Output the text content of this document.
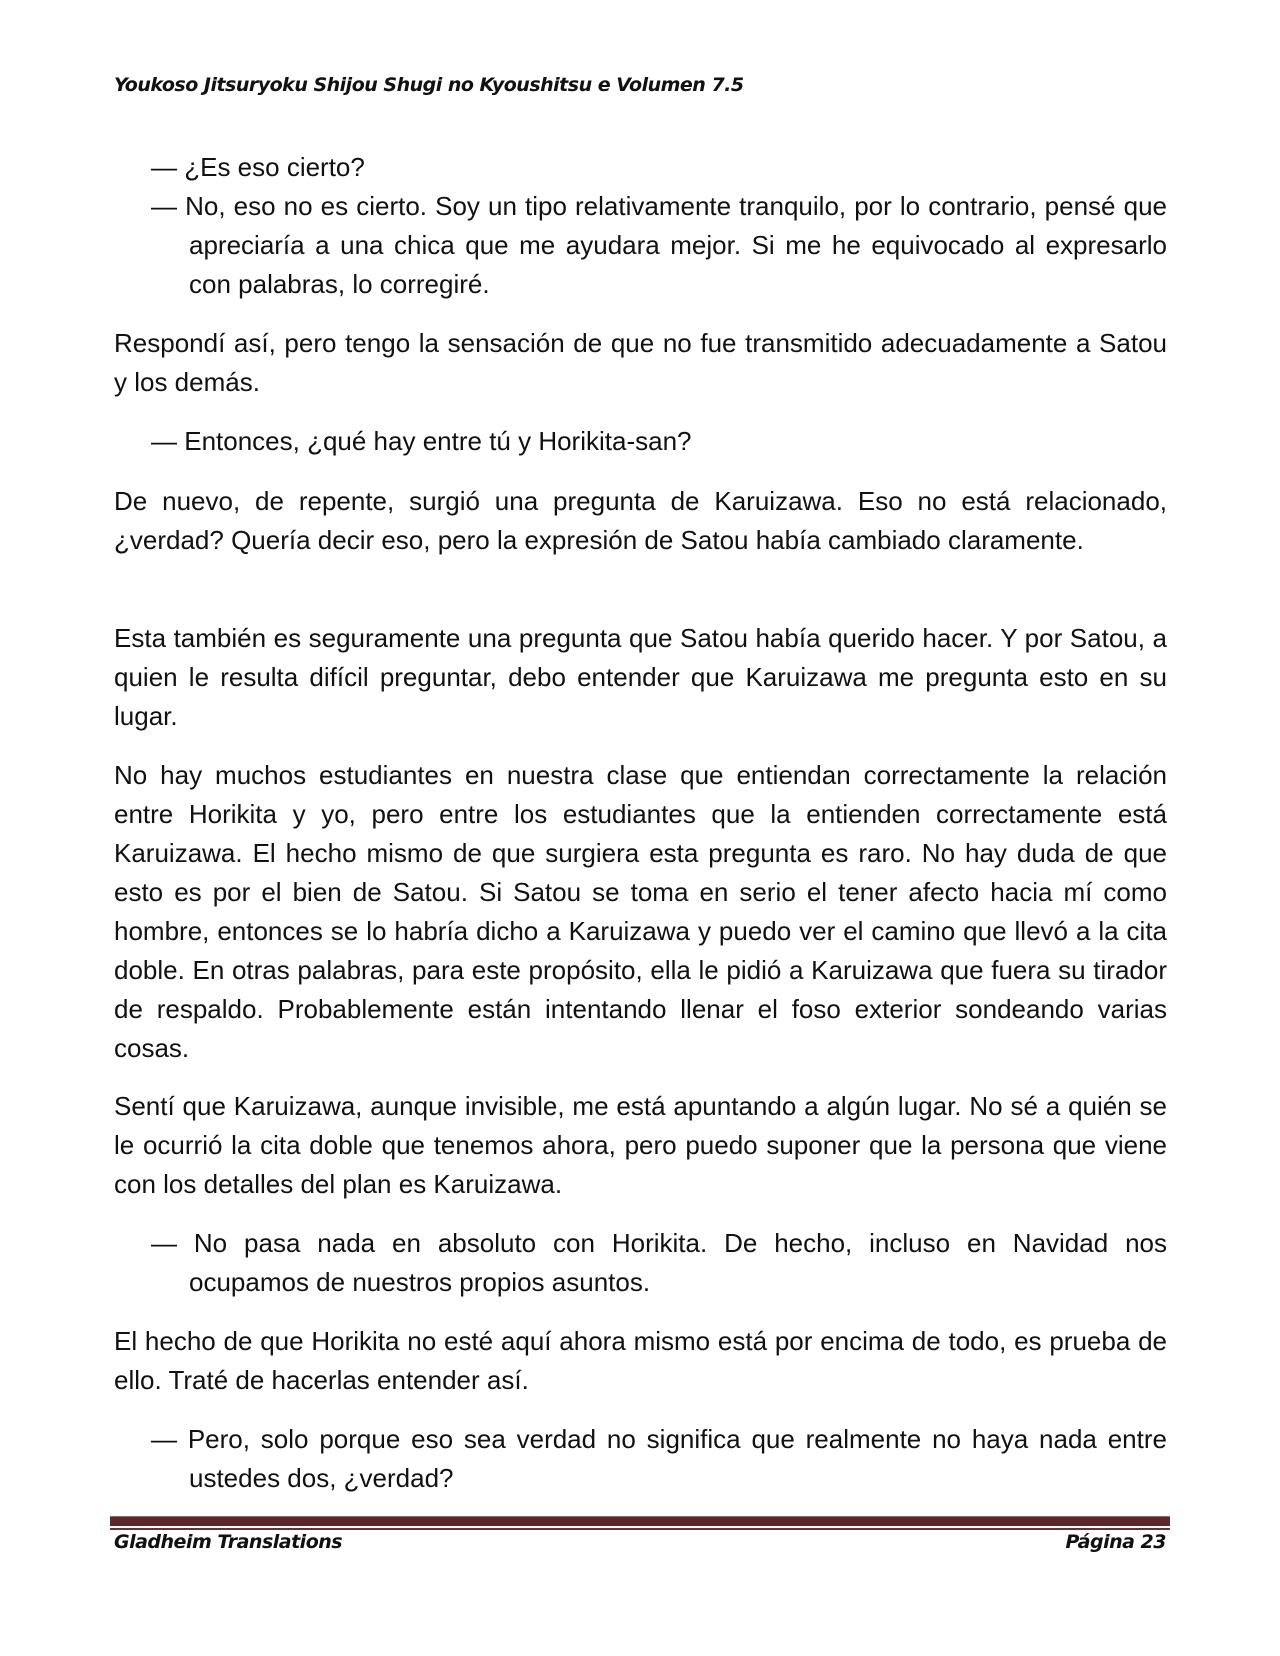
Youkoso Jitsuryoku Shijou Shugi no Kyoushitsu e Volumen 7.5
— ¿Es eso cierto?
— No, eso no es cierto. Soy un tipo relativamente tranquilo, por lo contrario, pensé que apreciaría a una chica que me ayudara mejor. Si me he equivocado al expresarlo con palabras, lo corregiré.
Respondí así, pero tengo la sensación de que no fue transmitido adecuadamente a Satou y los demás.
— Entonces, ¿qué hay entre tú y Horikita-san?
De nuevo, de repente, surgió una pregunta de Karuizawa. Eso no está relacionado, ¿verdad? Quería decir eso, pero la expresión de Satou había cambiado claramente.
Esta también es seguramente una pregunta que Satou había querido hacer. Y por Satou, a quien le resulta difícil preguntar, debo entender que Karuizawa me pregunta esto en su lugar.
No hay muchos estudiantes en nuestra clase que entiendan correctamente la relación entre Horikita y yo, pero entre los estudiantes que la entienden correctamente está Karuizawa. El hecho mismo de que surgiera esta pregunta es raro. No hay duda de que esto es por el bien de Satou. Si Satou se toma en serio el tener afecto hacia mí como hombre, entonces se lo habría dicho a Karuizawa y puedo ver el camino que llevó a la cita doble. En otras palabras, para este propósito, ella le pidió a Karuizawa que fuera su tirador de respaldo. Probablemente están intentando llenar el foso exterior sondeando varias cosas.
Sentí que Karuizawa, aunque invisible, me está apuntando a algún lugar. No sé a quién se le ocurrió la cita doble que tenemos ahora, pero puedo suponer que la persona que viene con los detalles del plan es Karuizawa.
— No pasa nada en absoluto con Horikita. De hecho, incluso en Navidad nos ocupamos de nuestros propios asuntos.
El hecho de que Horikita no esté aquí ahora mismo está por encima de todo, es prueba de ello. Traté de hacerlas entender así.
— Pero, solo porque eso sea verdad no significa que realmente no haya nada entre ustedes dos, ¿verdad?
Gladheim Translations	Página 23
